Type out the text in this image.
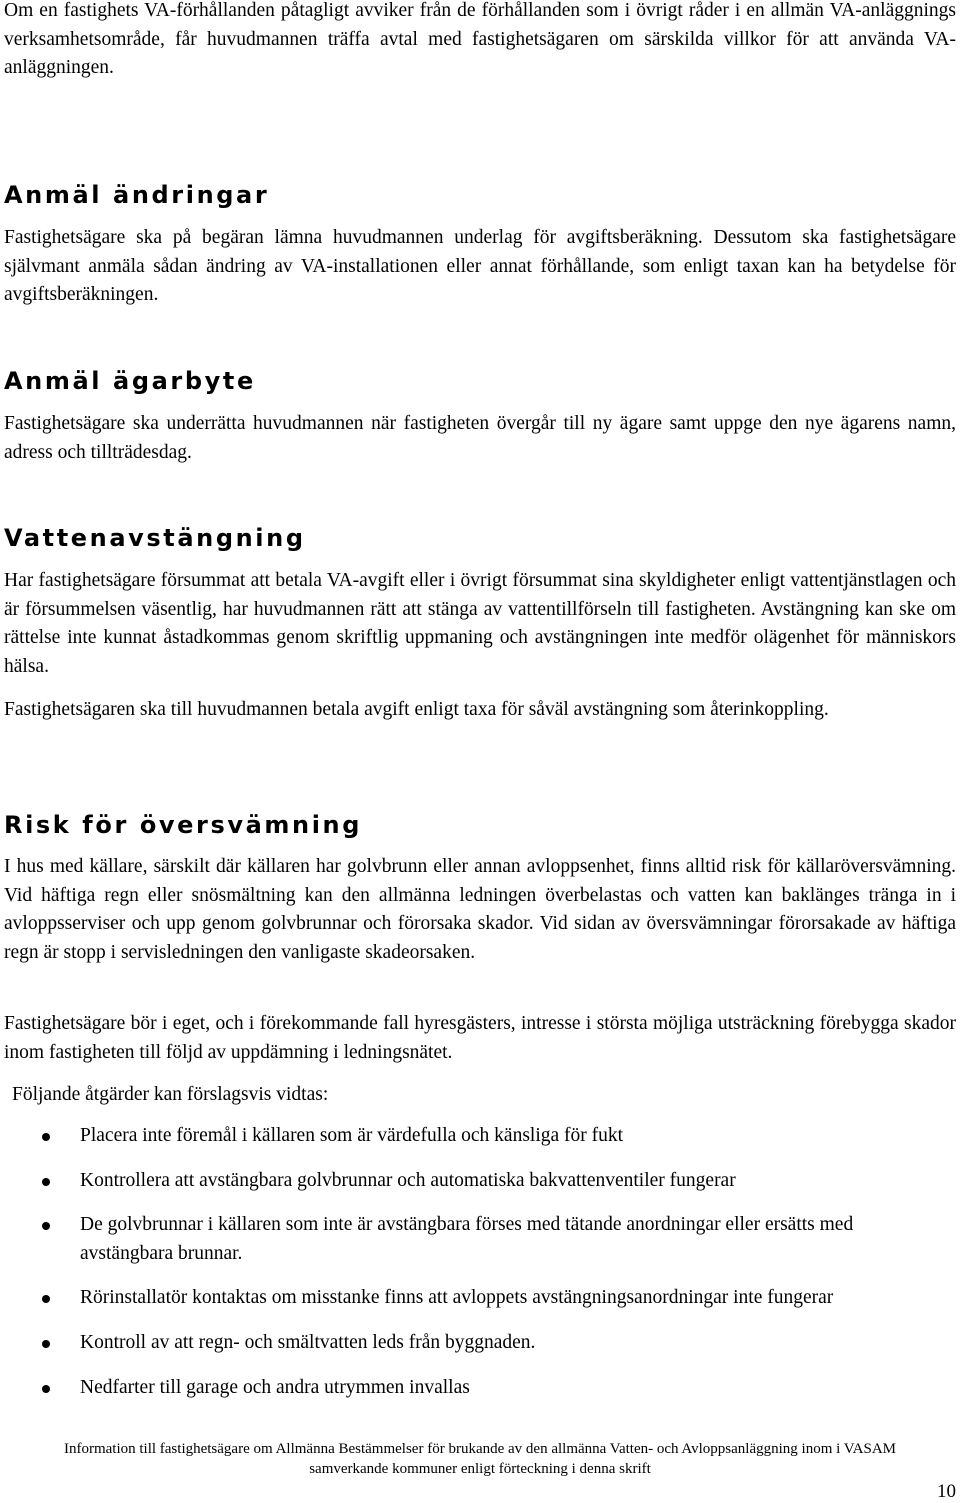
Om en fastighets VA-förhållanden påtagligt avviker från de förhållanden som i övrigt råder i en allmän VA-anläggnings verksamhetsområde, får huvudmannen träffa avtal med fastighetsägaren om särskilda villkor för att använda VA-anläggningen.

Anmäl ändringar

Fastighetsägare ska på begäran lämna huvudmannen underlag för avgiftsberäkning. Dessutom ska fastighetsägare självmant anmäla sådan ändring av VA-installationen eller annat förhållande, som enligt taxan kan ha betydelse för avgiftsberäkningen.

Anmäl ägarbyte

Fastighetsägare ska underrätta huvudmannen när fastigheten övergår till ny ägare samt uppge den nye ägarens namn, adress och tillträdesdag.

Vattenavstängning

Har fastighetsägare försummat att betala VA-avgift eller i övrigt försummat sina skyldigheter enligt vattentjänstlagen och är försummelsen väsentlig, har huvudmannen rätt att stänga av vattentillförseln till fastigheten. Avstängning kan ske om rättelse inte kunnat åstadkommas genom skriftlig uppmaning och avstängningen inte medför olägenhet för människors hälsa.

Fastighetsägaren ska till huvudmannen betala avgift enligt taxa för såväl avstängning som återinkoppling.

Risk för översvämning

I hus med källare, särskilt där källaren har golvbrunn eller annan avloppsenhet, finns alltid risk för källaröversvämning. Vid häftiga regn eller snösmältning kan den allmänna ledningen överbelastas och vatten kan baklänges tränga in i avloppsserviser och upp genom golvbrunnar och förorsaka skador. Vid sidan av översvämningar förorsakade av häftiga regn är stopp i servisledningen den vanligaste skadeorsaken.

Fastighetsägare bör i eget, och i förekommande fall hyresgästers, intresse i största möjliga utsträckning förebygga skador inom fastigheten till följd av uppdämning i ledningsnätet.

Följande åtgärder kan förslagsvis vidtas:

Placera inte föremål i källaren som är värdefulla och känsliga för fukt
Kontrollera att avstängbara golvbrunnar och automatiska bakvattenventiler fungerar
De golvbrunnar i källaren som inte är avstängbara förses med tätande anordningar eller ersätts med avstängbara brunnar.
Rörinstallatör kontaktas om misstanke finns att avloppets avstängningsanordningar inte fungerar
Kontroll av att regn- och smältvatten leds från byggnaden.
Nedfarter till garage och andra utrymmen invallas
Information till fastighetsägare om Allmänna Bestämmelser för brukande av den allmänna Vatten- och Avloppsanläggning inom i VASAM
samverkande kommuner enligt förteckning i denna skrift
10
